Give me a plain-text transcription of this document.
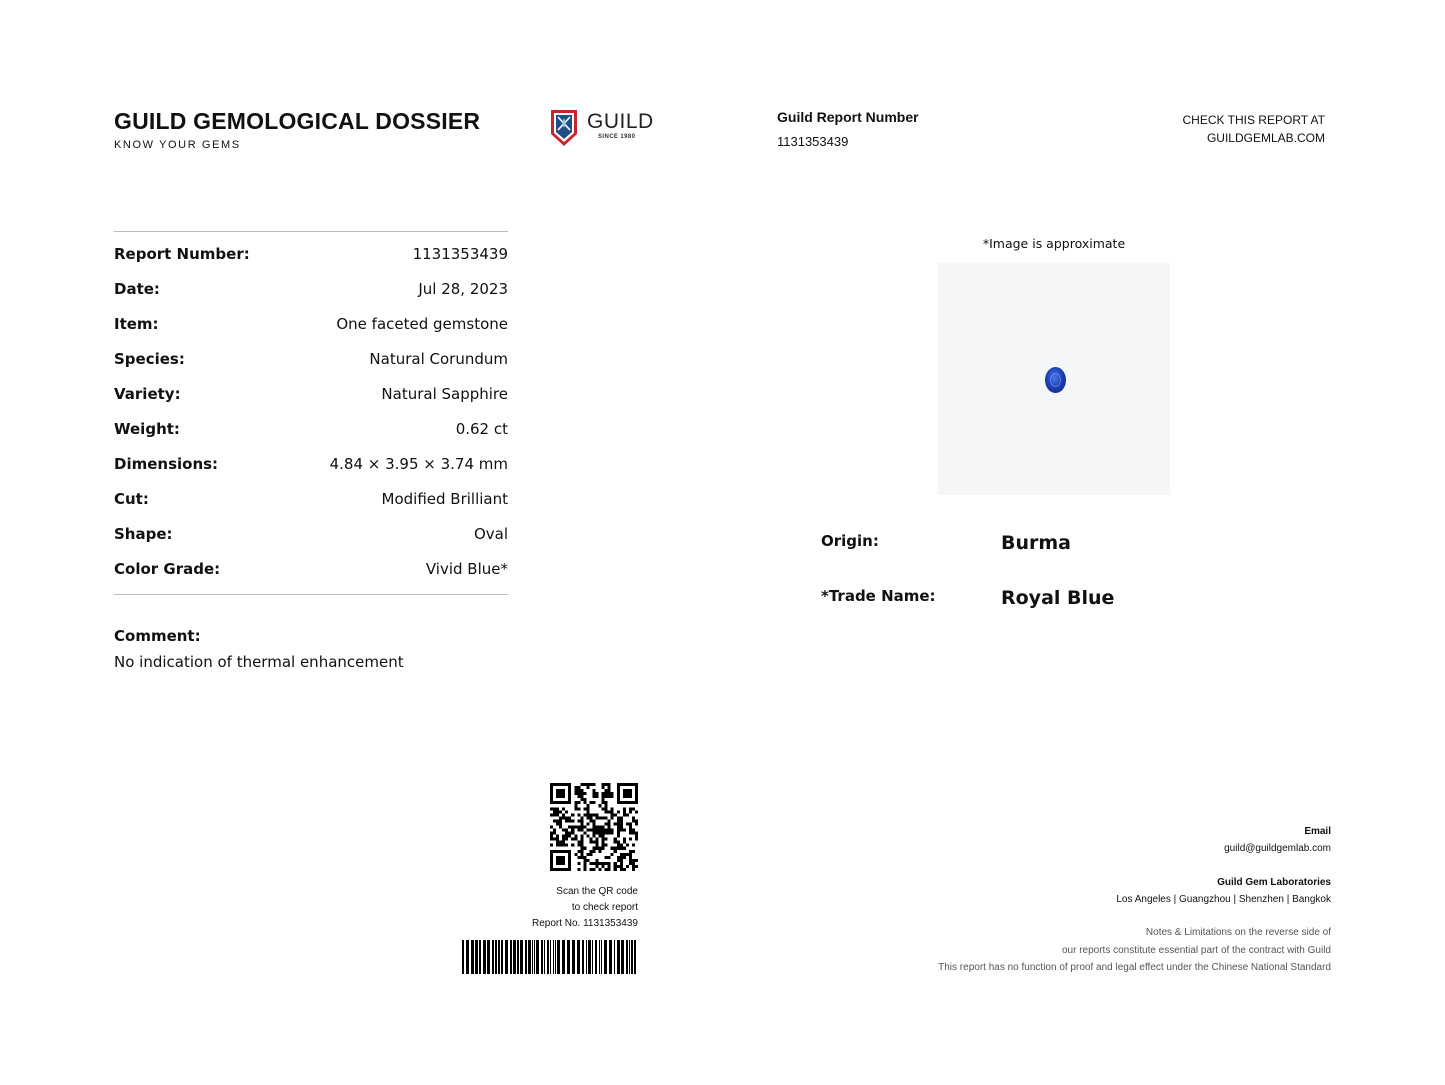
GUILD GEMOLOGICAL DOSSIER
KNOW YOUR GEMS
GUILD
SINCE 1980
Guild Report Number
1131353439
CHECK THIS REPORT AT
GUILDGEMLAB.COM
Report Number:	1131353439
Date:	Jul 28, 2023
Item:	One faceted gemstone
Species:	Natural Corundum
Variety:	Natural Sapphire
Weight:	0.62 ct
Dimensions:	4.84 × 3.95 × 3.74 mm
Cut:	Modified Brilliant
Shape:	Oval
Color Grade:	Vivid Blue*
Comment:
No indication of thermal enhancement
*Image is approximate
Origin:	Burma
*Trade Name:	Royal Blue
Scan the QR code
to check report
Report No. 1131353439
Email
guild@guildgemlab.com
Guild Gem Laboratories
Los Angeles | Guangzhou | Shenzhen | Bangkok
Notes & Limitations on the reverse side of
our reports constitute essential part of the contract with Guild
This report has no function of proof and legal effect under the Chinese National Standard
